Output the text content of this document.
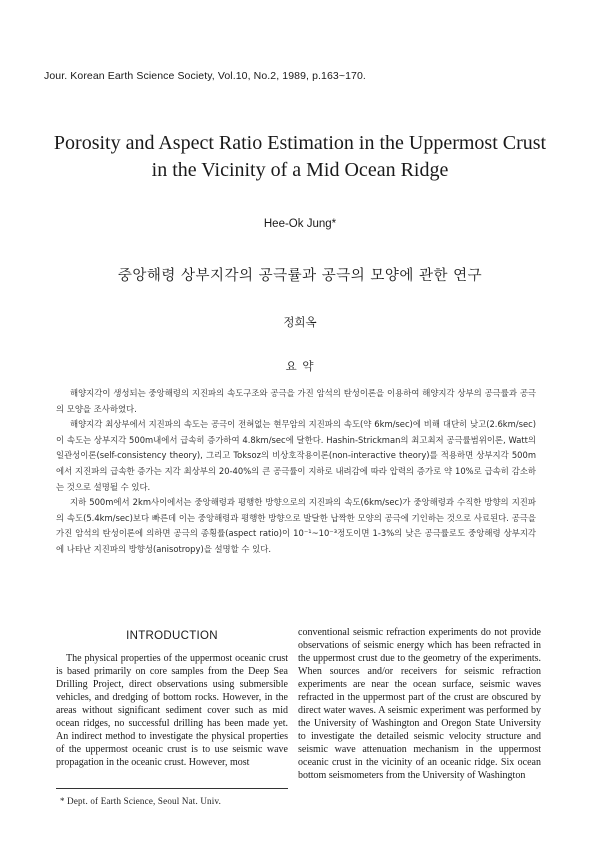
Jour. Korean Earth Science Society, Vol.10, No.2, 1989, p.163~170.
Porosity and Aspect Ratio Estimation in the Uppermost Crust
in the Vicinity of a Mid Ocean Ridge
Hee-Ok Jung*
중앙해령 상부지각의 공극률과 공극의 모양에 관한 연구
정희옥
요 약

해양지각이 생성되는 중앙해령의 지진파의 속도구조와 공극을 가진 암석의 탄성이론을 이용하여 해양지각 상부의 공극률과 공극의 모양을 조사하였다.

해양지각 최상부에서 지진파의 속도는 공극이 전혀없는 현무암의 지진파의 속도(약 6km/sec)에 비해 대단히 낮고(2.6km/sec)이 속도는 상부지각 500m내에서 급속히 증가하여 4.8km/sec에 달한다. Hashin-Strickman의 최고최저 공극률범위이론, Watt의 일관성이론(self-consistency theory), 그리고 Toksoz의 비상호작용이론(non-interactive theory)를 적용하면 상부지각 500m에서 지진파의 급속한 증가는 지각 최상부의 20-40%의 큰 공극률이 지하로 내려감에 따라 압력의 증가로 약 10%로 급속히 감소하는 것으로 설명될 수 있다.

지하 500m에서 2km사이에서는 중앙해령과 평행한 방향으로의 지진파의 속도(6km/sec)가 중앙해령과 수직한 방향의 지진파의 속도(5.4km/sec)보다 빠른데 이는 중앙해령과 평행한 방향으로 발달한 납짝한 모양의 공극에 기인하는 것으로 사료된다. 공극을 가진 암석의 탄성이론에 의하면 공극의 종횡률(aspect ratio)이 10⁻¹~10⁻³정도이면 1-3%의 낮은 공극률로도 중앙해령 상부지각에 나타난 지진파의 방향성(anisotropy)을 설명할 수 있다.

INTRODUCTION

The physical properties of the uppermost oceanic crust is based primarily on core samples from the Deep Sea Drilling Project, direct observations using submersible vehicles, and dredging of bottom rocks. However, in the areas without significant sediment cover such as mid ocean ridges, no successful drilling has been made yet. An indirect method to investigate the physical properties of the uppermost oceanic crust is to use seismic wave propagation in the oceanic crust. However, most

conventional seismic refraction experiments do not provide observations of seismic energy which has been refracted in the uppermost crust due to the geometry of the experiments. When sources and/or receivers for seismic refraction experiments are near the ocean surface, seismic waves refracted in the uppermost part of the crust are obscured by direct water waves. A seismic experiment was performed by the University of Washington and Oregon State University to investigate the detailed seismic velocity structure and seismic wave attenuation mechanism in the uppermost oceanic crust in the vicinity of an oceanic ridge. Six ocean bottom seismometers from the University of Washington

* Dept. of Earth Science, Seoul Nat. Univ.
